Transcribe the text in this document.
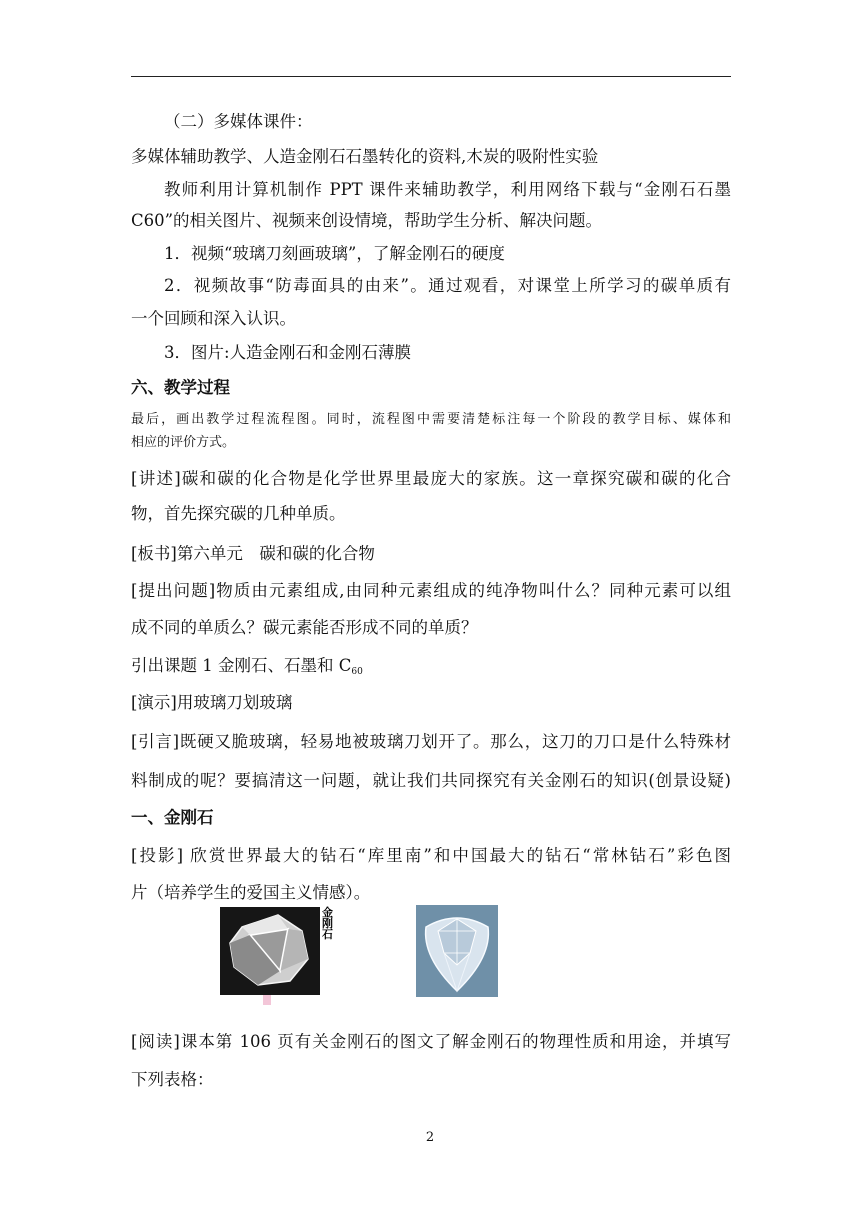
（二）多媒体课件：
多媒体辅助教学、人造金刚石石墨转化的资料,木炭的吸附性实验
教师利用计算机制作 PPT 课件来辅助教学，利用网络下载与“金刚石石墨
C60”的相关图片、视频来创设情境，帮助学生分析、解决问题。
1．视频“玻璃刀刻画玻璃”，了解金刚石的硬度
2．视频故事“防毒面具的由来”。通过观看，对课堂上所学习的碳单质有
一个回顾和深入认识。
3．图片:人造金刚石和金刚石薄膜
六、教学过程
最后，画出教学过程流程图。同时，流程图中需要清楚标注每一个阶段的教学目标、媒体和
相应的评价方式。
[讲述]碳和碳的化合物是化学世界里最庞大的家族。这一章探究碳和碳的化合
物，首先探究碳的几种单质。
[板书]第六单元　碳和碳的化合物
[提出问题]物质由元素组成,由同种元素组成的纯净物叫什么？同种元素可以组
成不同的单质么？碳元素能否形成不同的单质？
引出课题 1 金刚石、石墨和 $C_{60}$
[演示]用玻璃刀划玻璃
[引言]既硬又脆玻璃，轻易地被玻璃刀划开了。那么，这刀的刀口是什么特殊材
料制成的呢？要搞清这一问题，就让我们共同探究有关金刚石的知识(创景设疑)
一、金刚石
[投影] 欣赏世界最大的钻石“库里南”和中国最大的钻石“常林钻石”彩色图
片（培养学生的爱国主义情感）。
金刚石
[阅读]课本第 106 页有关金刚石的图文了解金刚石的物理性质和用途，并填写
下列表格：
2
